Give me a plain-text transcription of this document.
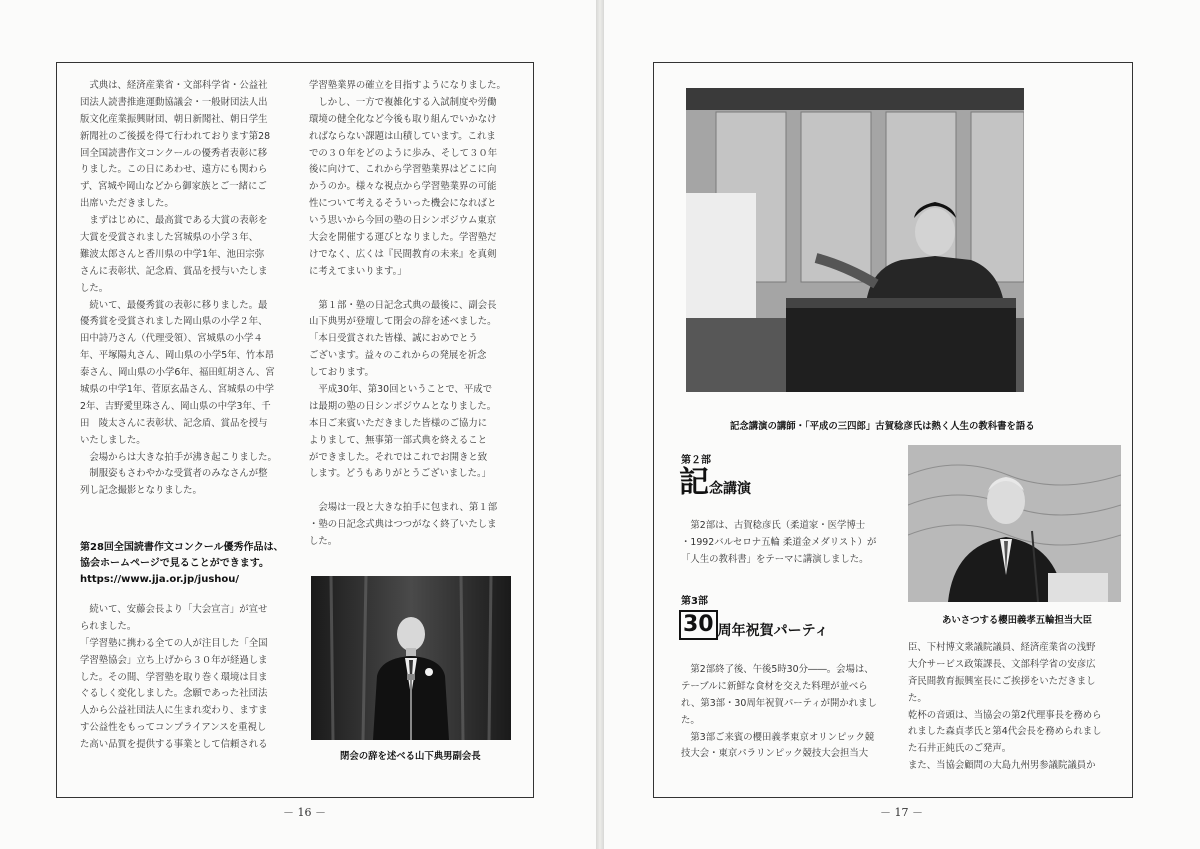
　式典は、経済産業省・文部科学省・公益社
団法人読書推進運動協議会・一般財団法人出
版文化産業振興財団、朝日新聞社、朝日学生
新聞社のご後援を得て行われております第28
回全国読書作文コンクールの優秀者表彰に移
りました。この日にあわせ、遠方にも関わら
ず、宮城や岡山などから御家族とご一緒にご
出席いただきました。
　まずはじめに、最高賞である大賞の表彰を
大賞を受賞されました宮城県の小学３年、
難波太郎さんと香川県の中学1年、池田宗弥
さんに表彰状、記念盾、賞品を授与いたしま
した。
　続いて、最優秀賞の表彰に移りました。最
優秀賞を受賞されました岡山県の小学２年、
田中詩乃さん（代理受領）、宮城県の小学４
年、平塚陽丸さん、岡山県の小学5年、竹本昂
泰さん、岡山県の小学6年、福田虹胡さん、宮
城県の中学1年、菅原玄晶さん、宮城県の中学
2年、吉野愛里珠さん、岡山県の中学3年、千
田　陵太さんに表彰状、記念盾、賞品を授与
いたしました。
　会場からは大きな拍手が沸き起こりました。
　制服姿もさわやかな受賞者のみなさんが整
列し記念撮影となりました。
第28回全国読書作文コンクール優秀作品は、
協会ホームページで見ることができます。
https://www.jja.or.jp/jushou/
　続いて、安藤会長より「大会宣言」が宣せ
られました。
「学習塾に携わる全ての人が注目した「全国
学習塾協会」立ち上げから３０年が経過しま
した。その間、学習塾を取り巻く環境は目ま
ぐるしく変化しました。念願であった社団法
人から公益社団法人に生まれ変わり、ますま
す公益性をもってコンプライアンスを重視し
た高い品質を提供する事業として信頼される
学習塾業界の確立を目指すようになりました。
　しかし、一方で複雑化する入試制度や労働
環境の健全化など今後も取り組んでいかなけ
ればならない課題は山積しています。これま
での３０年をどのように歩み、そして３０年
後に向けて、これから学習塾業界はどこに向
かうのか。様々な視点から学習塾業界の可能
性について考えるそういった機会になればと
いう思いから今回の塾の日シンポジウム東京
大会を開催する運びとなりました。学習塾だ
けでなく、広くは『民間教育の未来』を真剣
に考えてまいります。」
　第１部・塾の日記念式典の最後に、副会長
山下典男が登壇して閉会の辞を述べました。
「本日受賞された皆様、誠におめでとう
ございます。益々のこれからの発展を祈念
しております。
　平成30年、第30回ということで、平成で
は最期の塾の日シンポジウムとなりました。
本日ご来賓いただきました皆様のご協力に
よりまして、無事第一部式典を終えること
ができました。それではこれでお開きと致
します。どうもありがとうございました。」
　会場は一段と大きな拍手に包まれ、第１部
・塾の日記念式典はつつがなく終了いたしま
した。
閉会の辞を述べる山下典男副会長
－ 16 －
記念講演の講師・「平成の三四郎」古賀稔彦氏は熱く人生の教科書を語る
第２部
記念講演
　第2部は、古賀稔彦氏（柔道家・医学博士
・1992バルセロナ五輪 柔道金メダリスト）が
「人生の教科書」をテーマに講演しました。
あいさつする櫻田義孝五輪担当大臣
第3部
30 周年祝賀パーティ
　第2部終了後、午後5時30分――。会場は、
テーブルに新鮮な食材を交えた料理が並べら
れ、第3部・30周年祝賀パーティが開かれまし
た。
　第3部ご来賓の櫻田義孝東京オリンピック競
技大会・東京パラリンピック競技大会担当大
臣、下村博文衆議院議員、経済産業省の浅野
大介サービス政策課長、文部科学省の安彦広
斉民間教育振興室長にご挨拶をいただきまし
た。
乾杯の音頭は、当協会の第2代理事長を務めら
れました森貞孝氏と第4代会長を務められまし
た石井正純氏のご発声。
また、当協会顧問の大島九州男参議院議員か
－ 17 －
